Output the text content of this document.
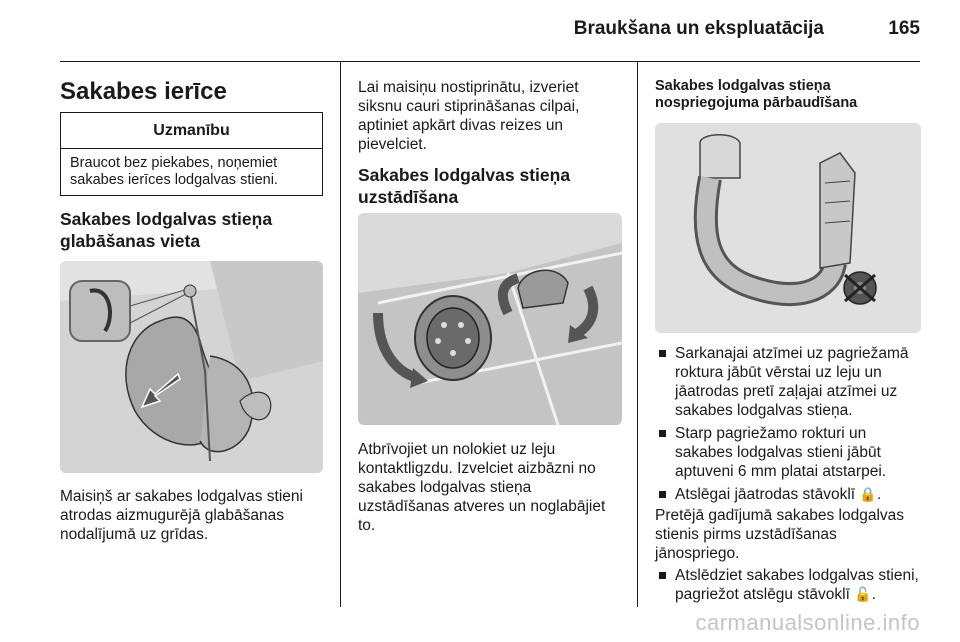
Braukšana un ekspluatācija	165
Sakabes ierīce
Uzmanību
Braucot bez piekabes, noņemiet sakabes ierīces lodgalvas stieni.
Sakabes lodgalvas stieņa glabāšanas vieta
Maisiņš ar sakabes lodgalvas stieni atrodas aizmugurējā glabāšanas nodalījumā uz grīdas.
Lai maisiņu nostiprinātu, izveriet siksnu cauri stiprināšanas cilpai, aptiniet apkārt divas reizes un pievelciet.
Sakabes lodgalvas stieņa uzstādīšana
Atbrīvojiet un nolokiet uz leju kontaktligzdu. Izvelciet aizbāzni no sakabes lodgalvas stieņa uzstādīšanas atveres un noglabājiet to.
Sakabes lodgalvas stieņa nospriegojuma pārbaudīšana
Sarkanajai atzīmei uz pagriežamā roktura jābūt vērstai uz leju un jāatrodas pretī zaļajai atzīmei uz sakabes lodgalvas stieņa.
Starp pagriežamo rokturi un sakabes lodgalvas stieni jābūt aptuveni 6 mm platai atstarpei.
Atslēgai jāatrodas stāvoklī 🔒.
Pretējā gadījumā sakabes lodgalvas stienis pirms uzstādīšanas jānospriego.
Atslēdziet sakabes lodgalvas stieni, pagriežot atslēgu stāvoklī 🔓.
carmanualsonline.info
